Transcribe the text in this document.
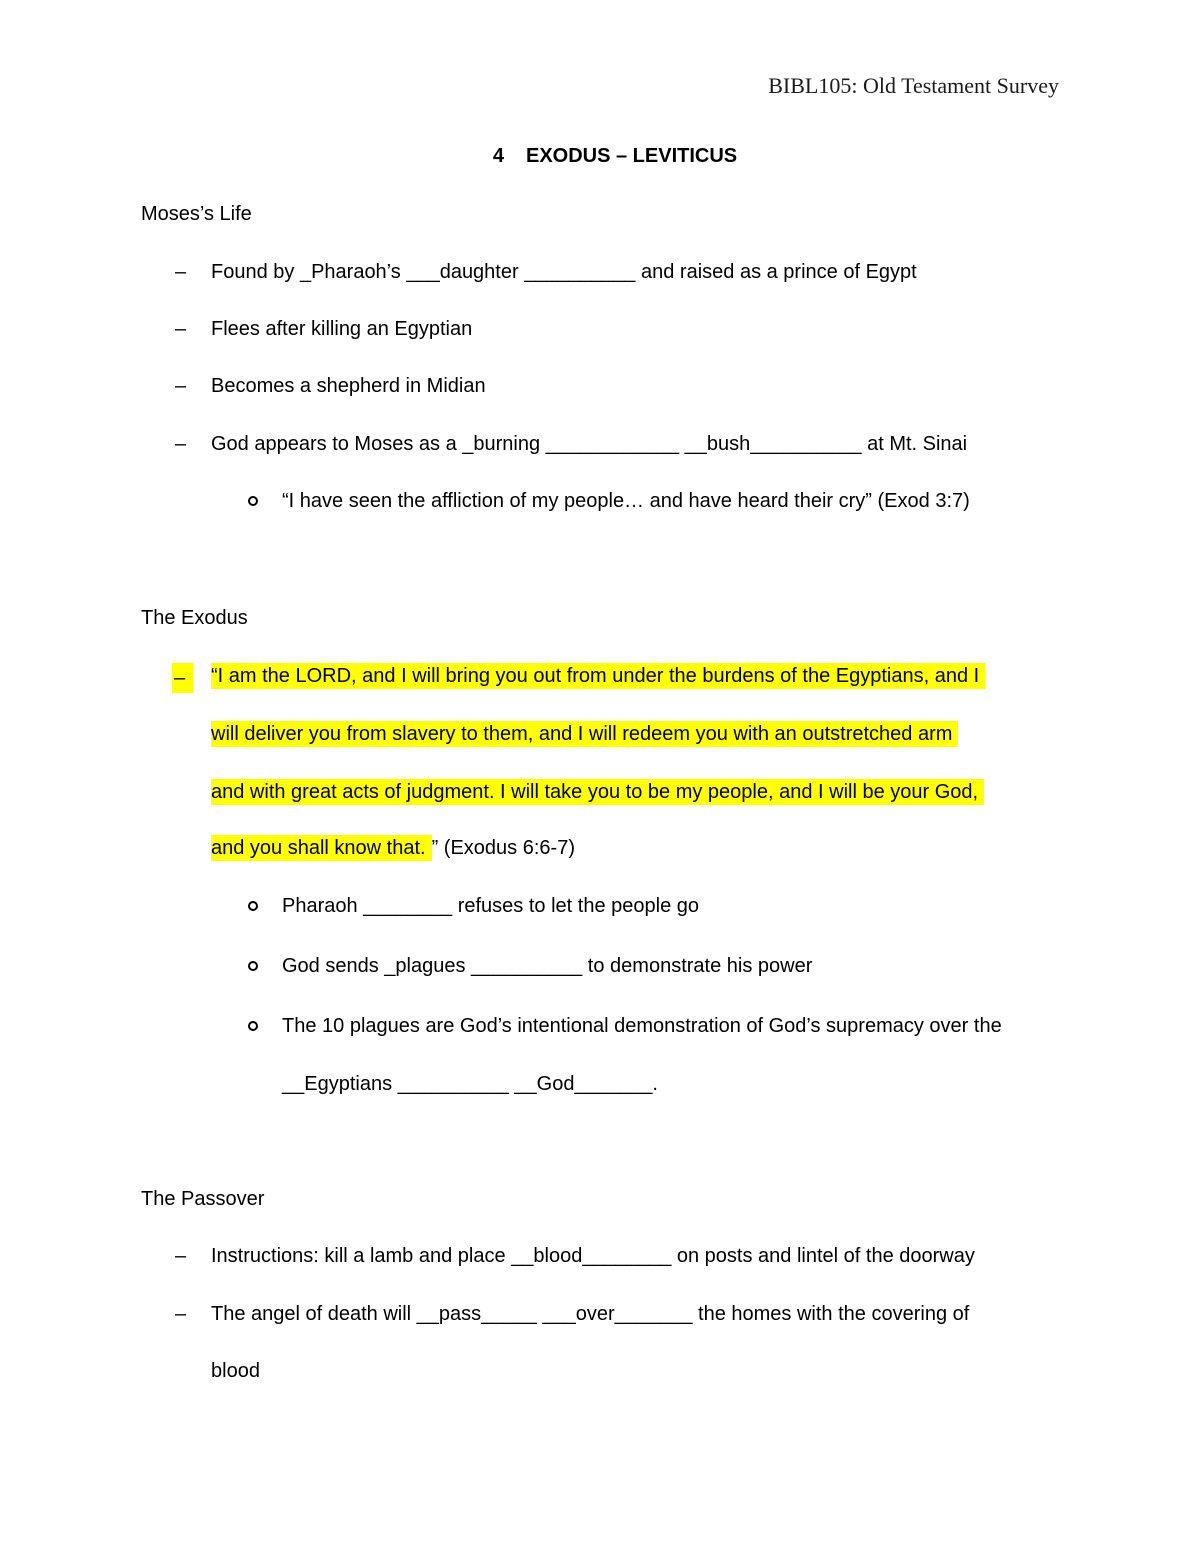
BIBL105: Old Testament Survey
4 EXODUS – LEVITICUS
Moses’s Life
– Found by _Pharaoh’s ___daughter __________ and raised as a prince of Egypt
– Flees after killing an Egyptian
– Becomes a shepherd in Midian
– God appears to Moses as a _burning ____________ __bush__________ at Mt. Sinai
“I have seen the affliction of my people… and have heard their cry” (Exod 3:7)
The Exodus
–	“I am the LORD, and I will bring you out from under the burdens of the Egyptians, and I
will deliver you from slavery to them, and I will redeem you with an outstretched arm
and with great acts of judgment. I will take you to be my people, and I will be your God,
and you shall know that. ” (Exodus 6:6-7)
Pharaoh ________ refuses to let the people go
God sends _plagues __________ to demonstrate his power
The 10 plagues are God’s intentional demonstration of God’s supremacy over the
__Egyptians __________ __God_______.
The Passover
– Instructions: kill a lamb and place __blood________ on posts and lintel of the doorway
– The angel of death will __pass_____ ___over_______ the homes with the covering of
blood
